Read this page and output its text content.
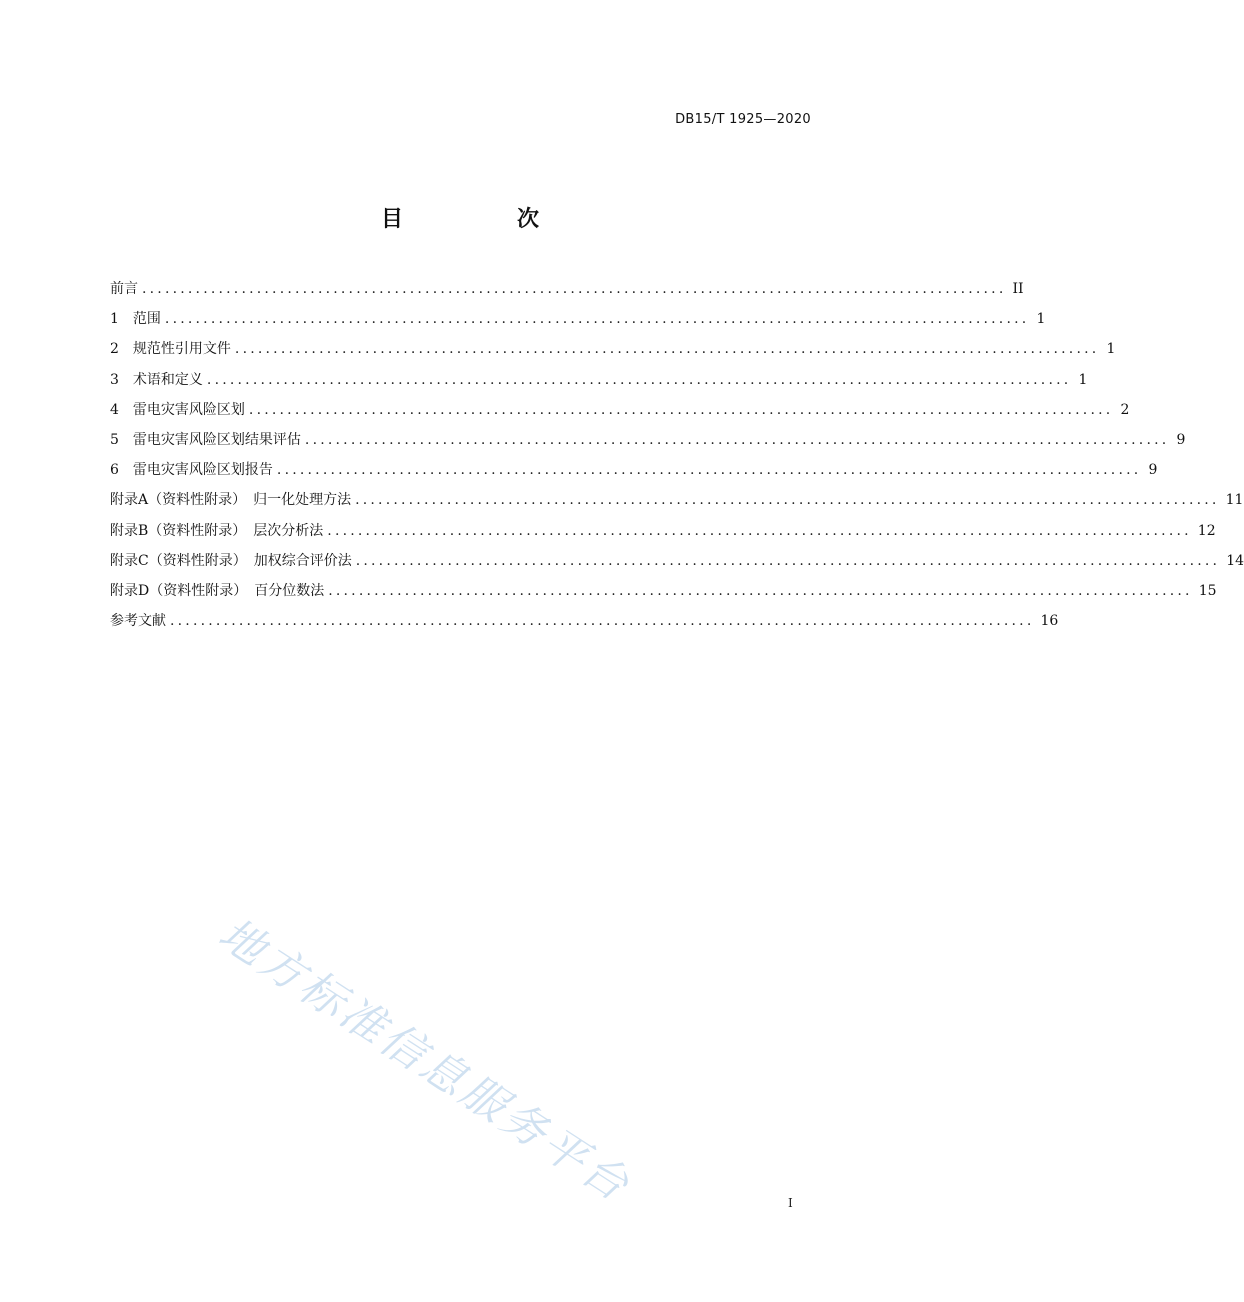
DB15/T 1925—2020
目　次
前言 ................................................................................................................. II
1　范围 ................................................................................................................. 1
2　规范性引用文件 ................................................................................................................. 1
3　术语和定义 ................................................................................................................. 1
4　雷电灾害风险区划 ................................................................................................................. 2
5　雷电灾害风险区划结果评估 ................................................................................................................. 9
6　雷电灾害风险区划报告 ................................................................................................................. 9
附录A（资料性附录）　归一化处理方法 ................................................................................................................. 11
附录B（资料性附录）　层次分析法 ................................................................................................................. 12
附录C（资料性附录）　加权综合评价法 ................................................................................................................. 14
附录D（资料性附录）　百分位数法 ................................................................................................................. 15
参考文献 ................................................................................................................. 16
地方标准信息服务平台	I
